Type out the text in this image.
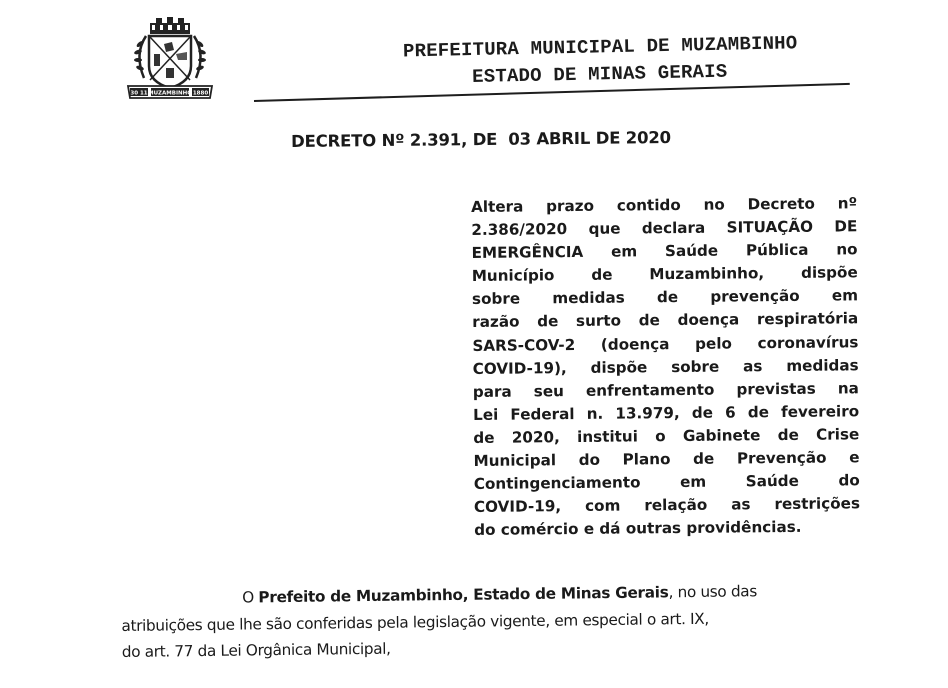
30 11 MUZAMBINHO 1880
PREFEITURA MUNICIPAL DE MUZAMBINHO
ESTADO DE MINAS GERAIS
DECRETO Nº 2.391, DE  03 ABRIL DE 2020
Altera prazo contido no Decreto nº
2.386/2020 que declara SITUAÇÃO DE
EMERGÊNCIA em Saúde Pública no
Município de Muzambinho, dispõe
sobre medidas de prevenção em
razão de surto de doença respiratória
SARS-COV-2 (doença pelo coronavírus
COVID-19), dispõe sobre as medidas
para seu enfrentamento previstas na
Lei Federal n. 13.979, de 6 de fevereiro
de 2020, institui o Gabinete de Crise
Municipal do Plano de Prevenção e
Contingenciamento em Saúde do
COVID-19, com relação as restrições
do comércio e dá outras providências.
O Prefeito de Muzambinho, Estado de Minas Gerais, no uso das
atribuições que lhe são conferidas pela legislação vigente, em especial o art. IX,
do art. 77 da Lei Orgânica Municipal,
